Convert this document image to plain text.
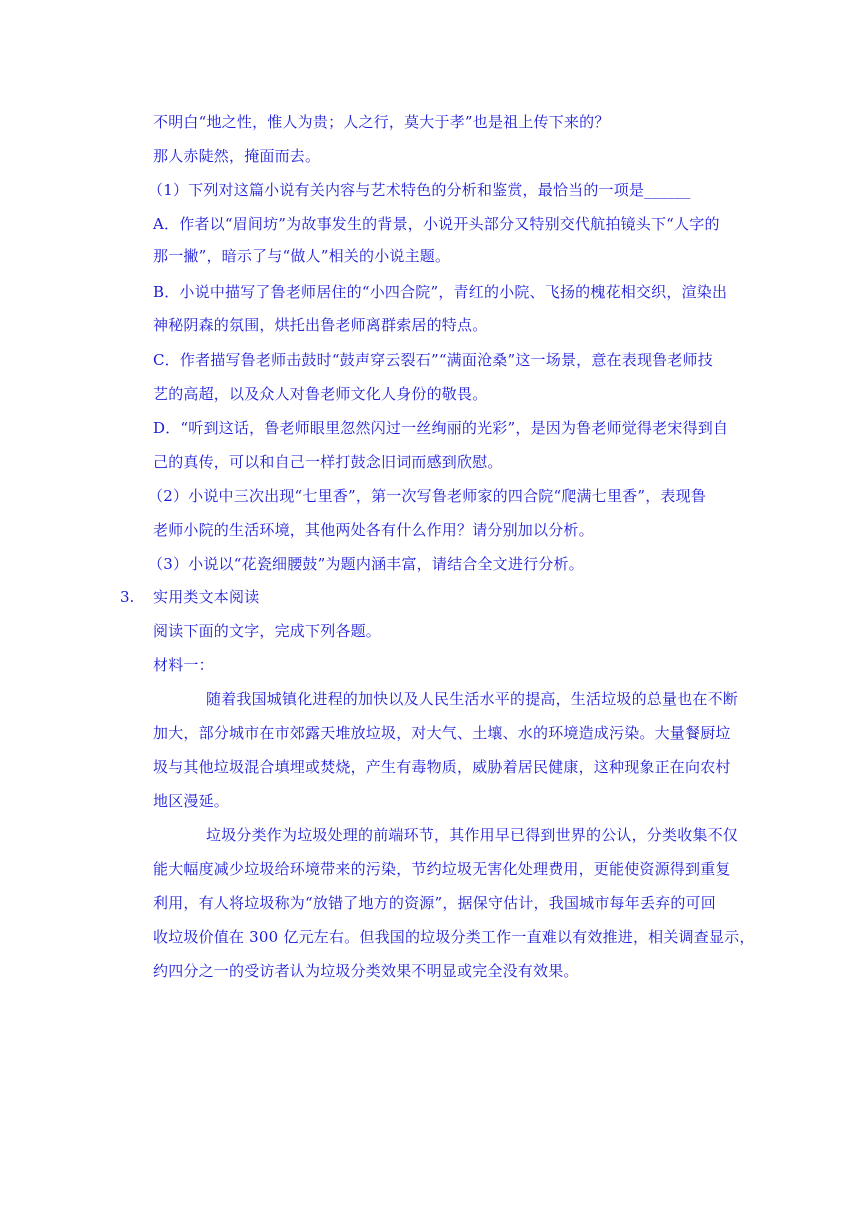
不明白“地之性，惟人为贵；人之行，莫大于孝”也是祖上传下来的？
那人赤陡然，掩面而去。
（1）下列对这篇小说有关内容与艺术特色的分析和鉴赏，最恰当的一项是______
A．作者以“眉间坊”为故事发生的背景，小说开头部分又特别交代航拍镜头下“人字的
那一撇”，暗示了与“做人”相关的小说主题。
B．小说中描写了鲁老师居住的“小四合院”，青红的小院、飞扬的槐花相交织，渲染出
神秘阴森的氛围，烘托出鲁老师离群索居的特点。
C．作者描写鲁老师击鼓时“鼓声穿云裂石”“满面沧桑”这一场景，意在表现鲁老师技
艺的高超，以及众人对鲁老师文化人身份的敬畏。
D．“听到这话，鲁老师眼里忽然闪过一丝绚丽的光彩”，是因为鲁老师觉得老宋得到自
己的真传，可以和自己一样打鼓念旧词而感到欣慰。
（2）小说中三次出现“七里香”，第一次写鲁老师家的四合院“爬满七里香”，表现鲁
老师小院的生活环境，其他两处各有什么作用？请分别加以分析。
（3）小说以“花瓷细腰鼓”为题内涵丰富，请结合全文进行分析。
3. 实用类文本阅读
阅读下面的文字，完成下列各题。
材料一：
随着我国城镇化进程的加快以及人民生活水平的提高，生活垃圾的总量也在不断
加大，部分城市在市郊露天堆放垃圾，对大气、土壤、水的环境造成污染。大量餐厨垃
圾与其他垃圾混合填埋或焚烧，产生有毒物质，威胁着居民健康，这种现象正在向农村
地区漫延。
垃圾分类作为垃圾处理的前端环节，其作用早已得到世界的公认，分类收集不仅
能大幅度减少垃圾给环境带来的污染，节约垃圾无害化处理费用，更能使资源得到重复
利用，有人将垃圾称为“放错了地方的资源”，据保守估计，我国城市每年丢弃的可回
收垃圾价值在 300 亿元左右。但我国的垃圾分类工作一直难以有效推进，相关调查显示，
约四分之一的受访者认为垃圾分类效果不明显或完全没有效果。
